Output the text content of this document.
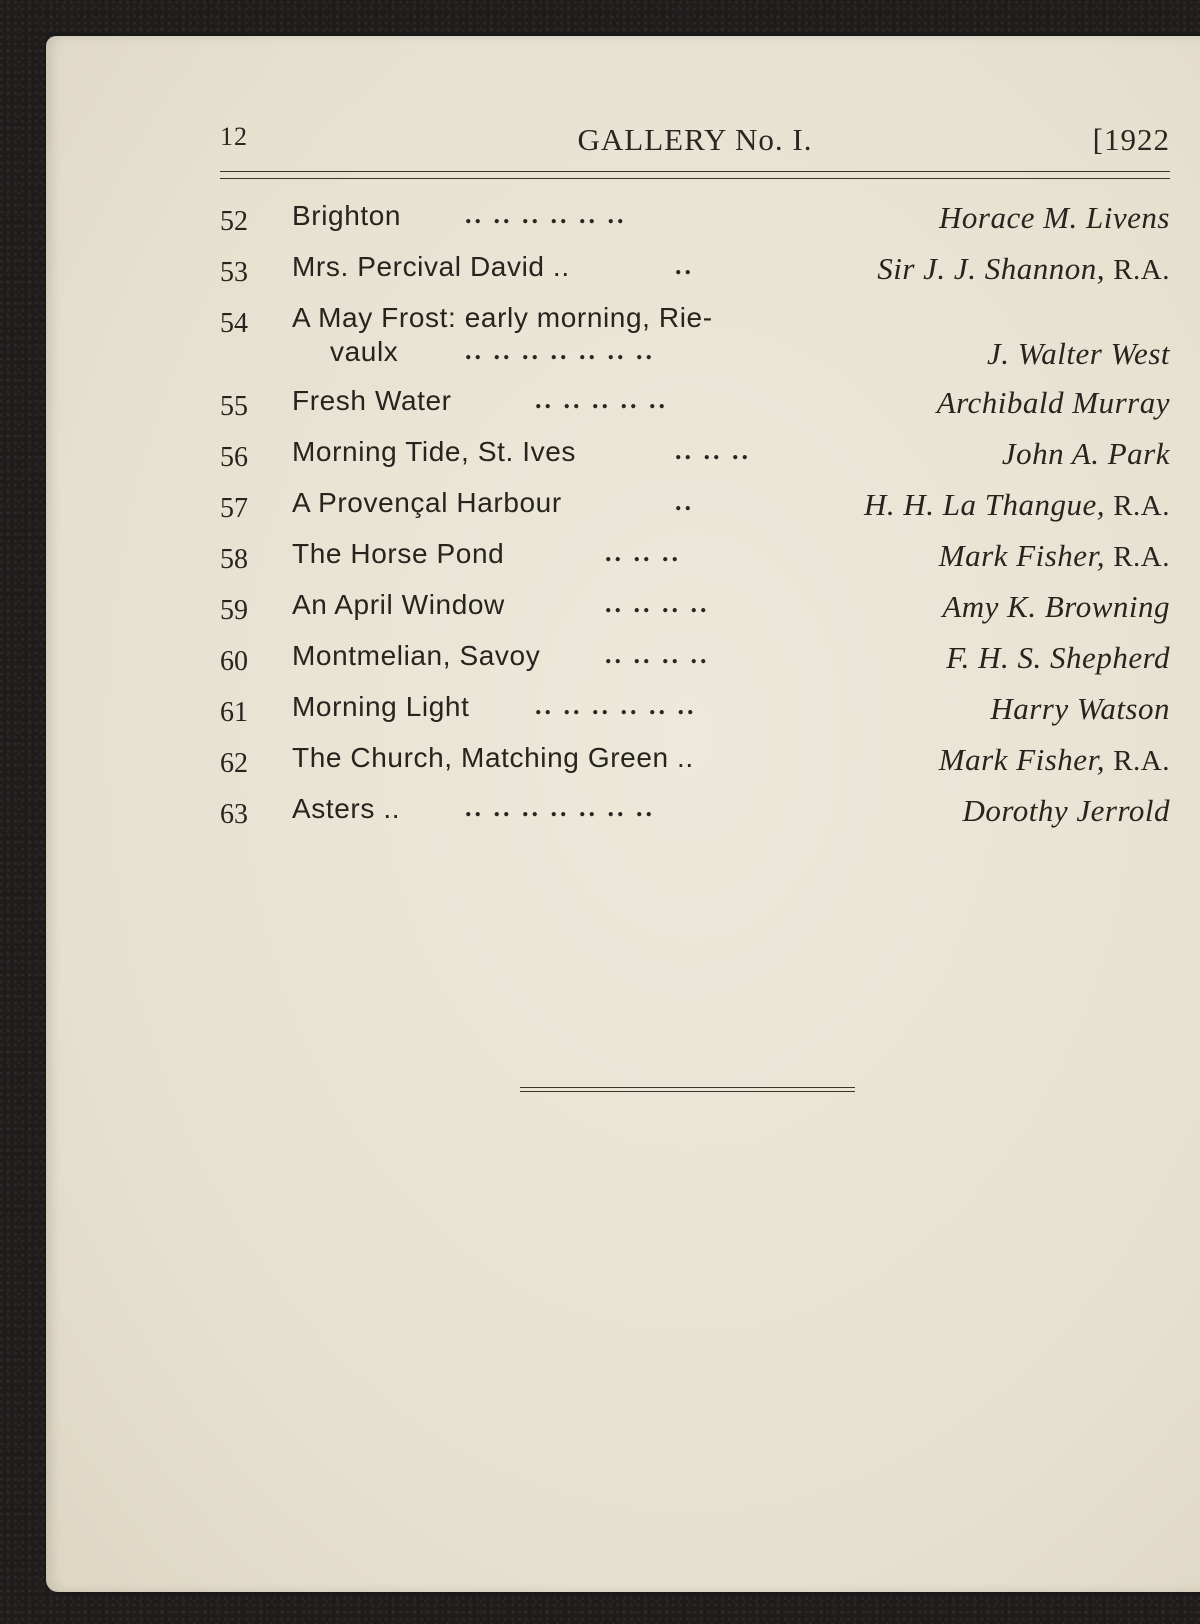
12	GALLERY No. I.	[1922
52 Brighton .. .. .. .. .. ..	Horace M. Livens
53 Mrs. Percival David ..	..	Sir J. J. Shannon, R.A.
54 A May Frost: early morning, Rie-
vaulx	.. .. .. .. .. .. ..	J. Walter West
55 Fresh Water	.. .. .. .. ..	Archibald Murray
56 Morning Tide, St. Ives	.. .. ..	John A. Park
57 A Provençal Harbour	..	H. H. La Thangue, R.A.
58 The Horse Pond	.. .. ..	Mark Fisher, R.A.
59 An April Window	.. .. .. ..	Amy K. Browning
60 Montmelian, Savoy .. .. .. ..	F. H. S. Shepherd
61 Morning Light	.. .. .. .. .. ..	Harry Watson
62 The Church, Matching Green ..	Mark Fisher, R.A.
63 Asters .. .. .. .. .. .. .. ..	Dorothy Jerrold
